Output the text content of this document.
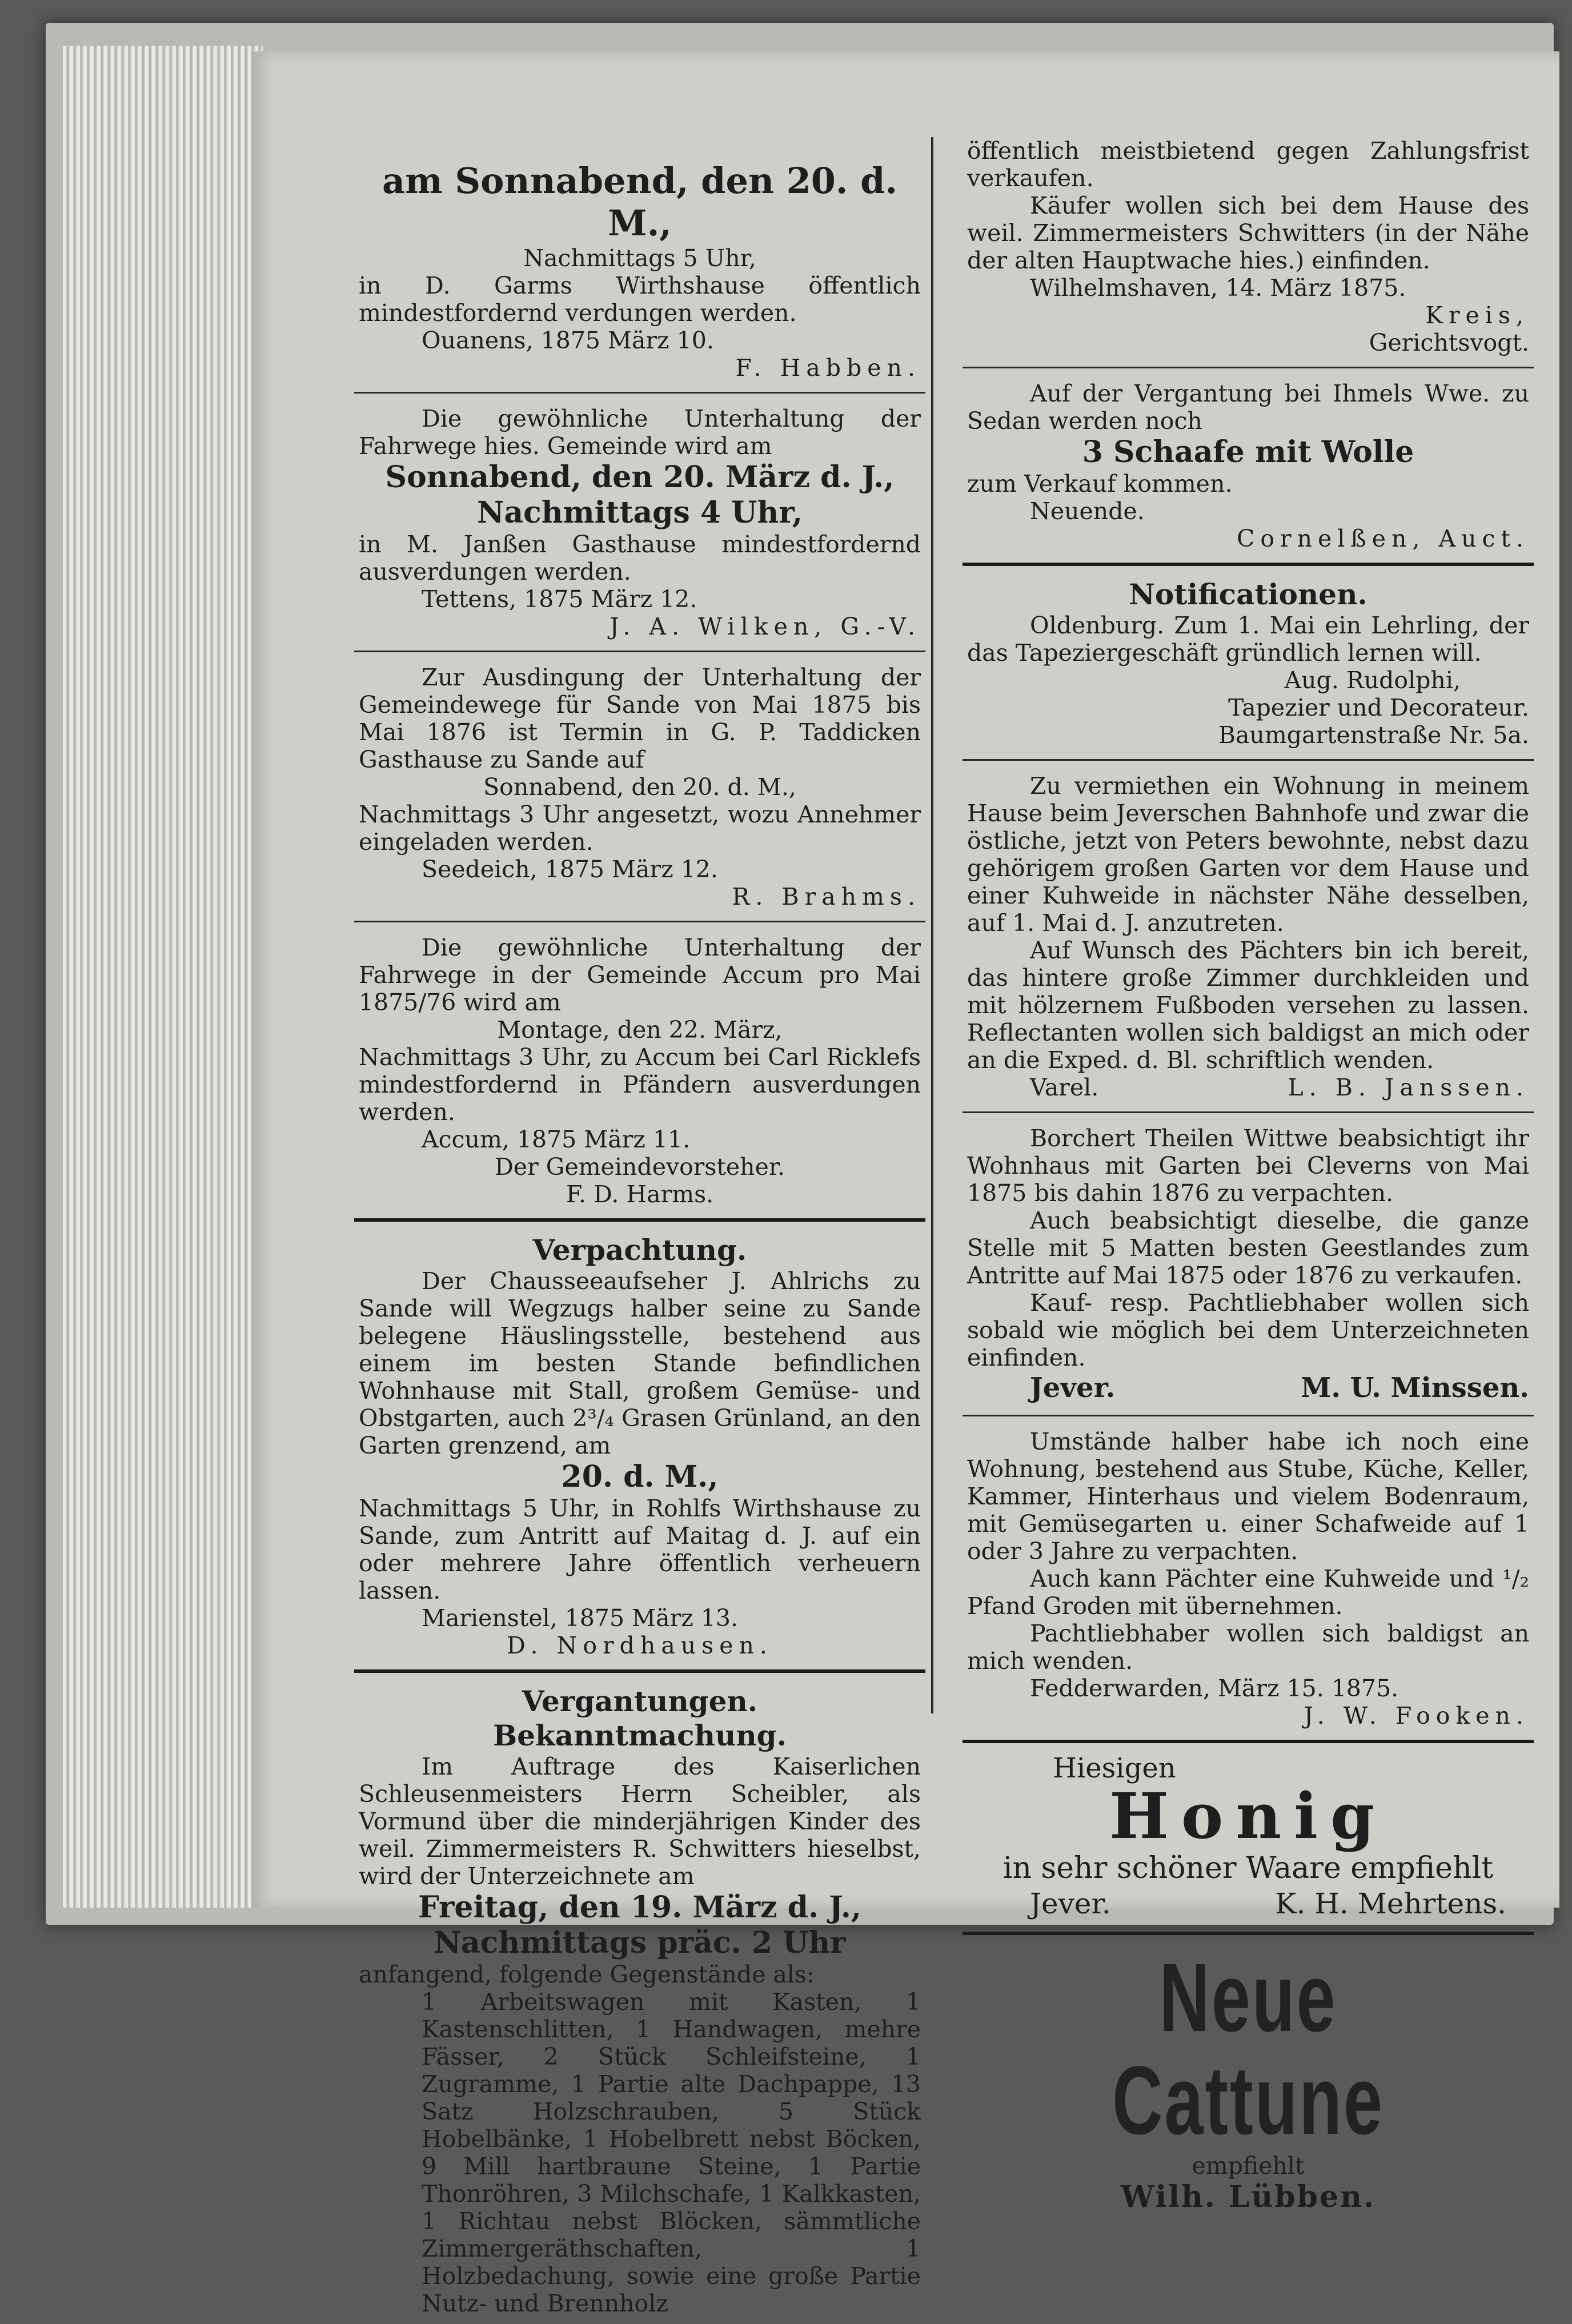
am Sonnabend, den 20. d. M.,

Nachmittags 5 Uhr,

in D. Garms Wirthshause öffentlich mindestfordernd verdungen werden.

Ouanens, 1875 März 10.

F. Habben.

Die gewöhnliche Unterhaltung der Fahrwege hies. Gemeinde wird am

Sonnabend, den 20. März d. J.,
Nachmittags 4 Uhr,

in M. Janßen Gasthause mindestfordernd ausverdungen werden.

Tettens, 1875 März 12.

J. A. Wilken, G.-V.

Zur Ausdingung der Unterhaltung der Gemeindewege für Sande von Mai 1875 bis Mai 1876 ist Termin in G. P. Taddicken Gasthause zu Sande auf

Sonnabend, den 20. d. M.,

Nachmittags 3 Uhr angesetzt, wozu Annehmer eingeladen werden.

Seedeich, 1875 März 12.

R. Brahms.

Die gewöhnliche Unterhaltung der Fahrwege in der Gemeinde Accum pro Mai 1875/76 wird am

Montage, den 22. März,

Nachmittags 3 Uhr, zu Accum bei Carl Ricklefs mindestfordernd in Pfändern ausverdungen werden.

Accum, 1875 März 11.

Der Gemeindevorsteher.

F. D. Harms.

Verpachtung.

Der Chausseeaufseher J. Ahlrichs zu Sande will Wegzugs halber seine zu Sande belegene Häuslingsstelle, bestehend aus einem im besten Stande befindlichen Wohnhause mit Stall, großem Gemüse- und Obstgarten, auch 2³/₄ Grasen Grünland, an den Garten grenzend, am

20. d. M.,

Nachmittags 5 Uhr, in Rohlfs Wirthshause zu Sande, zum Antritt auf Maitag d. J. auf ein oder mehrere Jahre öffentlich verheuern lassen.

Marienstel, 1875 März 13.

D. Nordhausen.

Vergantungen.
Bekanntmachung.

Im Auftrage des Kaiserlichen Schleusenmeisters Herrn Scheibler, als Vormund über die minderjährigen Kinder des weil. Zimmermeisters R. Schwitters hieselbst, wird der Unterzeichnete am

Freitag, den 19. März d. J.,
Nachmittags präc. 2 Uhr

anfangend, folgende Gegenstände als:

1 Arbeitswagen mit Kasten, 1 Kastenschlitten, 1 Handwagen, mehre Fässer, 2 Stück Schleifsteine, 1 Zugramme, 1 Partie alte Dachpappe, 13 Satz Holzschrauben, 5 Stück Hobelbänke, 1 Hobelbrett nebst Böcken, 9 Mill hartbraune Steine, 1 Partie Thonröhren, 3 Milchschafe, 1 Kalkkasten, 1 Richtau nebst Blöcken, sämmtliche Zimmergeräthschaften, 1 Holzbedachung, sowie eine große Partie Nutz- und Brennholz

öffentlich meistbietend gegen Zahlungsfrist verkaufen.

Käufer wollen sich bei dem Hause des weil. Zimmermeisters Schwitters (in der Nähe der alten Hauptwache hies.) einfinden.

Wilhelmshaven, 14. März 1875.

Kreis,

Gerichtsvogt.

Auf der Vergantung bei Ihmels Wwe. zu Sedan werden noch

3 Schaafe mit Wolle

zum Verkauf kommen.

Neuende.

Cornelßen, Auct.

Notificationen.

Oldenburg. Zum 1. Mai ein Lehrling, der das Tapeziergeschäft gründlich lernen will.

Aug. Rudolphi,

Tapezier und Decorateur.

Baumgartenstraße Nr. 5a.

Zu vermiethen ein Wohnung in meinem Hause beim Jeverschen Bahnhofe und zwar die östliche, jetzt von Peters bewohnte, nebst dazu gehörigem großen Garten vor dem Hause und einer Kuhweide in nächster Nähe desselben, auf 1. Mai d. J. anzutreten.

Auf Wunsch des Pächters bin ich bereit, das hintere große Zimmer durchkleiden und mit hölzernem Fußboden versehen zu lassen. Reflectanten wollen sich baldigst an mich oder an die Exped. d. Bl. schriftlich wenden.

Varel.	L. B. Janssen.

Borchert Theilen Wittwe beabsichtigt ihr Wohnhaus mit Garten bei Cleverns von Mai 1875 bis dahin 1876 zu verpachten.

Auch beabsichtigt dieselbe, die ganze Stelle mit 5 Matten besten Geestlandes zum Antritte auf Mai 1875 oder 1876 zu verkaufen.

Kauf- resp. Pachtliebhaber wollen sich sobald wie möglich bei dem Unterzeichneten einfinden.

Jever.	M. U. Minssen.

Umstände halber habe ich noch eine Wohnung, bestehend aus Stube, Küche, Keller, Kammer, Hinterhaus und vielem Bodenraum, mit Gemüsegarten u. einer Schafweide auf 1 oder 3 Jahre zu verpachten.

Auch kann Pächter eine Kuhweide und ¹/₂ Pfand Groden mit übernehmen.

Pachtliebhaber wollen sich baldigst an mich wenden.

Fedderwarden, März 15. 1875.

J. W. Fooken.

Hiesigen

Honig

in sehr schöner Waare empfiehlt

Jever.	K. H. Mehrtens.
Neue Cattune

empfiehlt

Wilh. Lübben.
